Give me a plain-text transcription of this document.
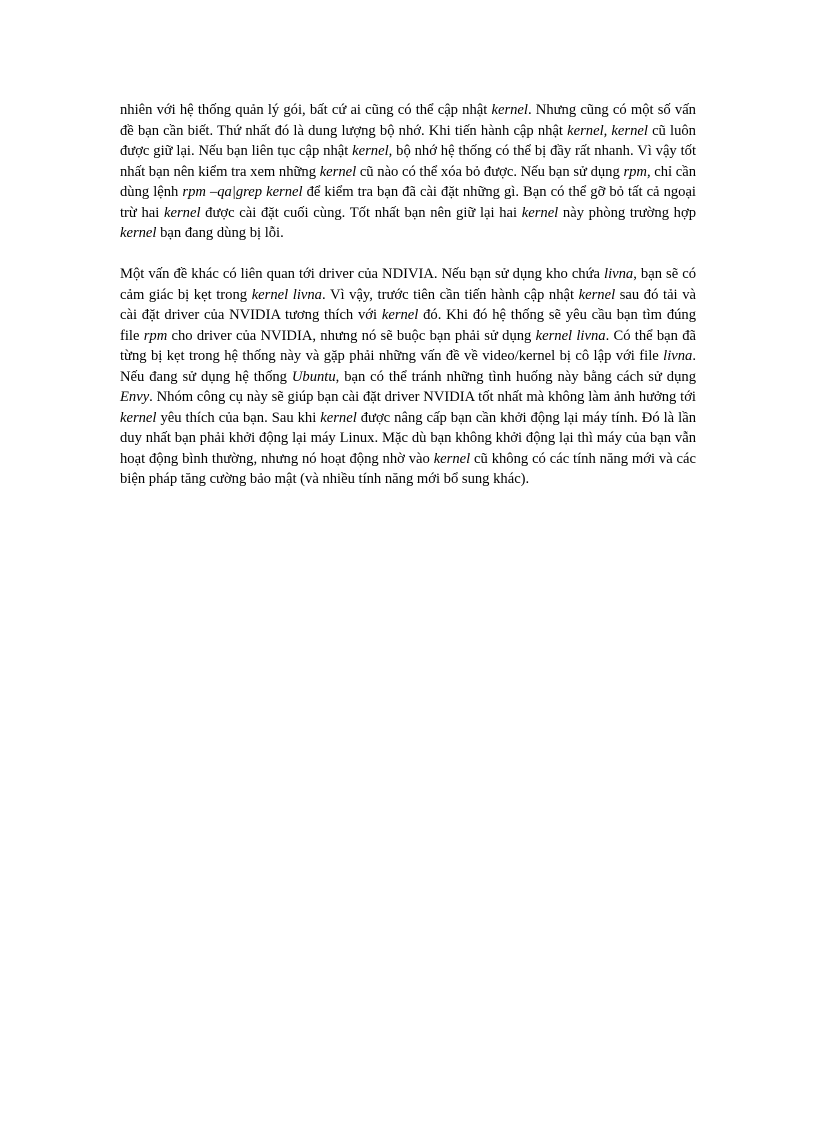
nhiên với hệ thống quản lý gói, bất cứ ai cũng có thể cập nhật kernel. Nhưng cũng có một số vấn đề bạn cần biết. Thứ nhất đó là dung lượng bộ nhớ. Khi tiến hành cập nhật kernel, kernel cũ luôn được giữ lại. Nếu bạn liên tục cập nhật kernel, bộ nhớ hệ thống có thể bị đầy rất nhanh. Vì vậy tốt nhất bạn nên kiểm tra xem những kernel cũ nào có thể xóa bỏ được. Nếu bạn sử dụng rpm, chỉ cần dùng lệnh rpm –qa|grep kernel để kiểm tra bạn đã cài đặt những gì. Bạn có thể gỡ bỏ tất cả ngoại trừ hai kernel được cài đặt cuối cùng. Tốt nhất bạn nên giữ lại hai kernel này phòng trường hợp kernel bạn đang dùng bị lỗi.

Một vấn đề khác có liên quan tới driver của NDIVIA. Nếu bạn sử dụng kho chứa livna, bạn sẽ có cảm giác bị kẹt trong kernel livna. Vì vậy, trước tiên cần tiến hành cập nhật kernel sau đó tải và cài đặt driver của NVIDIA tương thích với kernel đó. Khi đó hệ thống sẽ yêu cầu bạn tìm đúng file rpm cho driver của NVIDIA, nhưng nó sẽ buộc bạn phải sử dụng kernel livna. Có thể bạn đã từng bị kẹt trong hệ thống này và gặp phải những vấn đề về video/kernel bị cô lập với file livna. Nếu đang sử dụng hệ thống Ubuntu, bạn có thể tránh những tình huống này bằng cách sử dụng Envy. Nhóm công cụ này sẽ giúp bạn cài đặt driver NVIDIA tốt nhất mà không làm ảnh hưởng tới kernel yêu thích của bạn. Sau khi kernel được nâng cấp bạn cần khởi động lại máy tính. Đó là lần duy nhất bạn phải khởi động lại máy Linux. Mặc dù bạn không khởi động lại thì máy của bạn vẫn hoạt động bình thường, nhưng nó hoạt động nhờ vào kernel cũ không có các tính năng mới và các biện pháp tăng cường bảo mật (và nhiều tính năng mới bổ sung khác).
